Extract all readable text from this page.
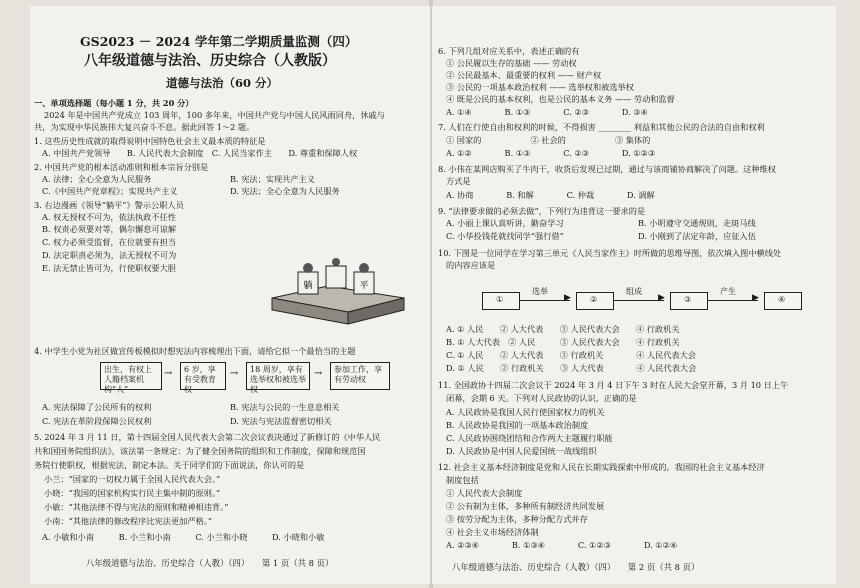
GS2023 － 2024 学年第二学期质量监测（四）
八年级道德与法治、历史综合（人教版）
道德与法治（60 分）
一、单项选择题（每小题 1 分，共 20 分）
2024 年是中国共产党成立 103 周年，100 多年来，中国共产党与中国人民风雨同舟，休戚与
共，为实现中华民族伟大复兴奋斗不息。据此回答 1～2 题。
1. 这些历史性成就的取得说明中国特色社会主义最本质的特征是
A. 中国共产党领导　　B. 人民代表大会制度　C. 人民当家作主　　D. 尊重和保障人权
2. 中国共产党的根本活动准则和根本宗旨分别是
A. 法律；全心全意为人民服务	B. 宪法；实现共产主义
C.《中国共产党章程》；实现共产主义	D. 宪法；全心全意为人民服务
3. 右边漫画《领导“躺平”》警示公职人员
A. 权无授权不可为，依法执政不任性
B. 权责必须要对等，偶尔懈怠可谅解
C. 权力必须受监督，在位就要有担当
D. 法定职责必须为，法无授权不可为
E. 法无禁止皆可为，行使职权要大胆
躺	平
4. 中学生小党为社区做宣传板模拟时想宪法内容梳理出下面，请给它拟一个最恰当的主题
出生，有权上人籍档案机构“人”
→	6 岁，享有受教育权
→	18 周岁，享有选举权和被选举权
→	参加工作，享有劳动权
A. 宪法保障了公民所有的权利	B. 宪法与公民的一生息息相关
C. 宪法在革阶段保障公民权利	D. 宪法与宪法监督密切相关
5. 2024 年 3 月 11 日，第十四届全国人民代表大会第二次会议表决通过了新修订的《中华人民
共和国国务院组织法》，该法第一条规定：为了健全国务院的组织和工作制度，保障和规范国
务院行使职权，根据宪法，制定本法。关于同学们的下面说法，你认可的是
小兰：“国家的一切权力属于全国人民代表大会。”
小晓：“我国的国家机构实行民主集中制的原则。”
小敏：“其他法律不得与宪法的原则和精神相违背。”
小南：“其他法律的修改程序比宪法更加严格。”
A. 小敏和小南　　　B. 小兰和小南　　　C. 小兰和小晓　　　D. 小晓和小敏
八年级道德与法治、历史综合（人教）（四）　　第 1 页（共 8 页）
6. 下列几组对应关系中，表述正确的有
① 公民履以生存的基础 —— 劳动权
② 公民最基本、最重要的权利 —— 财产权
③ 公民的一项基本政治权利 —— 选举权和被选举权
④ 既是公民的基本权利，也是公民的基本义务 —— 劳动和监督
A. ①④　　　　B. ①③　　　　C. ②③　　　　D. ③④
7. 人们在行使自由和权利的时候，不得损害 ________ 利益和其他公民的合法的自由和权利
① 国家的　　　　　　② 社会的　　　　　　③ 集体的
A. ①②　　　　B. ①③　　　　C. ②③　　　　D. ①②③
8. 小伟在某网店购买了牛肉干，收货后发现已过期，通过与该商铺协商解决了问题。这种维权
方式是
A. 协商　　　　B. 和解　　　　C. 仲裁　　　　D. 调解
9. “法律要求做的必须去做”，下列行为违背这一要求的是
A. 小丽上课认真听讲，勤奋学习	B. 小明遵守交通规则，走斑马线
C. 小华投钱花就找同学“强行借”	D. 小刚到了法定年龄，应征入伍
10. 下图是一位同学在学习第三单元《人民当家作主》时所做的思维导图，依次填入图中横线处
的内容应该是
①
选举
▶ ②
组成
▶ ③
产生
▶ ④
A. ① 人民　　② 人大代表　　③ 人民代表大会　　④ 行政机关
B. ① 人大代表　② 人民　　　③ 人民代表大会　　④ 行政机关
C. ① 人民　　② 人大代表　　③ 行政机关　　　　④ 人民代表大会
D. ① 人民　　② 行政机关　　③ 人大代表　　　　④ 人民代表大会
11. 全国政协十四届二次会议于 2024 年 3 月 4 日下午 3 时在人民大会堂开幕，3 月 10 日上午
闭幕，会期 6 天。下列对人民政协的认识，正确的是
A. 人民政协是我国人民行使国家权力的机关
B. 人民政协是我国的一项基本政治制度
C. 人民政协围绕团结和合作两大主题履行职能
D. 人民政协是中国人民爱国统一战线组织
12. 社会主义基本经济制度是党和人民在长期实践探索中形成的。我国的社会主义基本经济
制度包括
① 人民代表大会制度
② 公有制为主体，多种所有制经济共同发展
③ 按劳分配为主体，多种分配方式并存
④ 社会主义市场经济体制
A. ②③④　　　　B. ①③④　　　　C. ①②③　　　　D. ①②④
八年级道德与法治、历史综合（人教）（四）　　第 2 页（共 8 页）
